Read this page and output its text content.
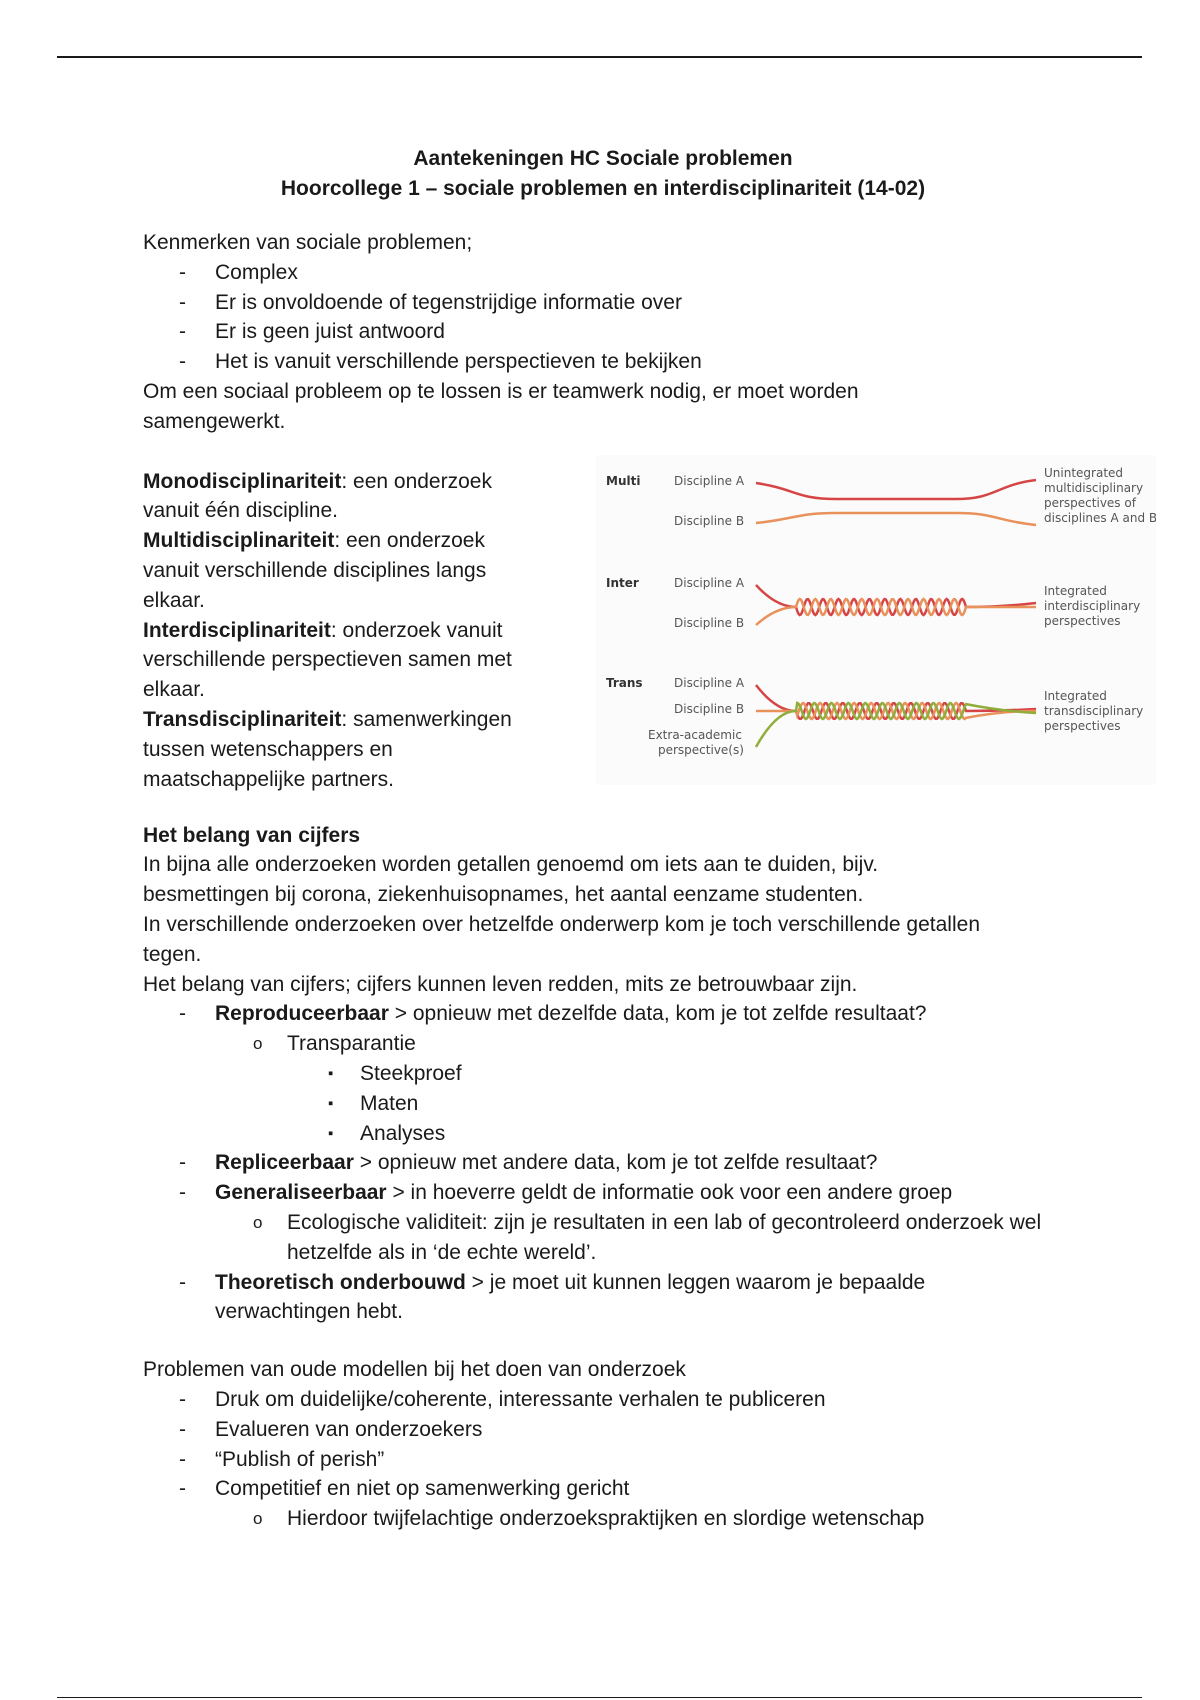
Aantekeningen HC Sociale problemen
Hoorcollege 1 – sociale problemen en interdisciplinariteit (14-02)
Kenmerken van sociale problemen;
- Complex
- Er is onvoldoende of tegenstrijdige informatie over
- Er is geen juist antwoord
- Het is vanuit verschillende perspectieven te bekijken
Om een sociaal probleem op te lossen is er teamwerk nodig, er moet worden samengewerkt.
Monodisciplinariteit: een onderzoek vanuit één discipline.
Multidisciplinariteit: een onderzoek vanuit verschillende disciplines langs elkaar.
Interdisciplinariteit: onderzoek vanuit verschillende perspectieven samen met elkaar.
Transdisciplinariteit: samenwerkingen tussen wetenschappers en maatschappelijke partners.
Multi	Discipline A
Discipline B
Unintegrated
multidisciplinary
perspectives of
disciplines A and B
Inter	Discipline A
Discipline B
Integrated
interdisciplinary
perspectives
Trans	Discipline A
Discipline B
Extra-academic
perspective(s)
Integrated
transdisciplinary
perspectives
Het belang van cijfers
In bijna alle onderzoeken worden getallen genoemd om iets aan te duiden, bijv. besmettingen bij corona, ziekenhuisopnames, het aantal eenzame studenten.
In verschillende onderzoeken over hetzelfde onderwerp kom je toch verschillende getallen tegen.
Het belang van cijfers; cijfers kunnen leven redden, mits ze betrouwbaar zijn.
- Reproduceerbaar > opnieuw met dezelfde data, kom je tot zelfde resultaat?
o Transparantie
▪ Steekproef
▪ Maten
▪ Analyses
- Repliceerbaar > opnieuw met andere data, kom je tot zelfde resultaat?
- Generaliseerbaar > in hoeverre geldt de informatie ook voor een andere groep
o Ecologische validiteit: zijn je resultaten in een lab of gecontroleerd onderzoek wel hetzelfde als in ‘de echte wereld’.
- Theoretisch onderbouwd > je moet uit kunnen leggen waarom je bepaalde verwachtingen hebt.
Problemen van oude modellen bij het doen van onderzoek
- Druk om duidelijke/coherente, interessante verhalen te publiceren
- Evalueren van onderzoekers
- “Publish of perish”
- Competitief en niet op samenwerking gericht
o Hierdoor twijfelachtige onderzoekspraktijken en slordige wetenschap
